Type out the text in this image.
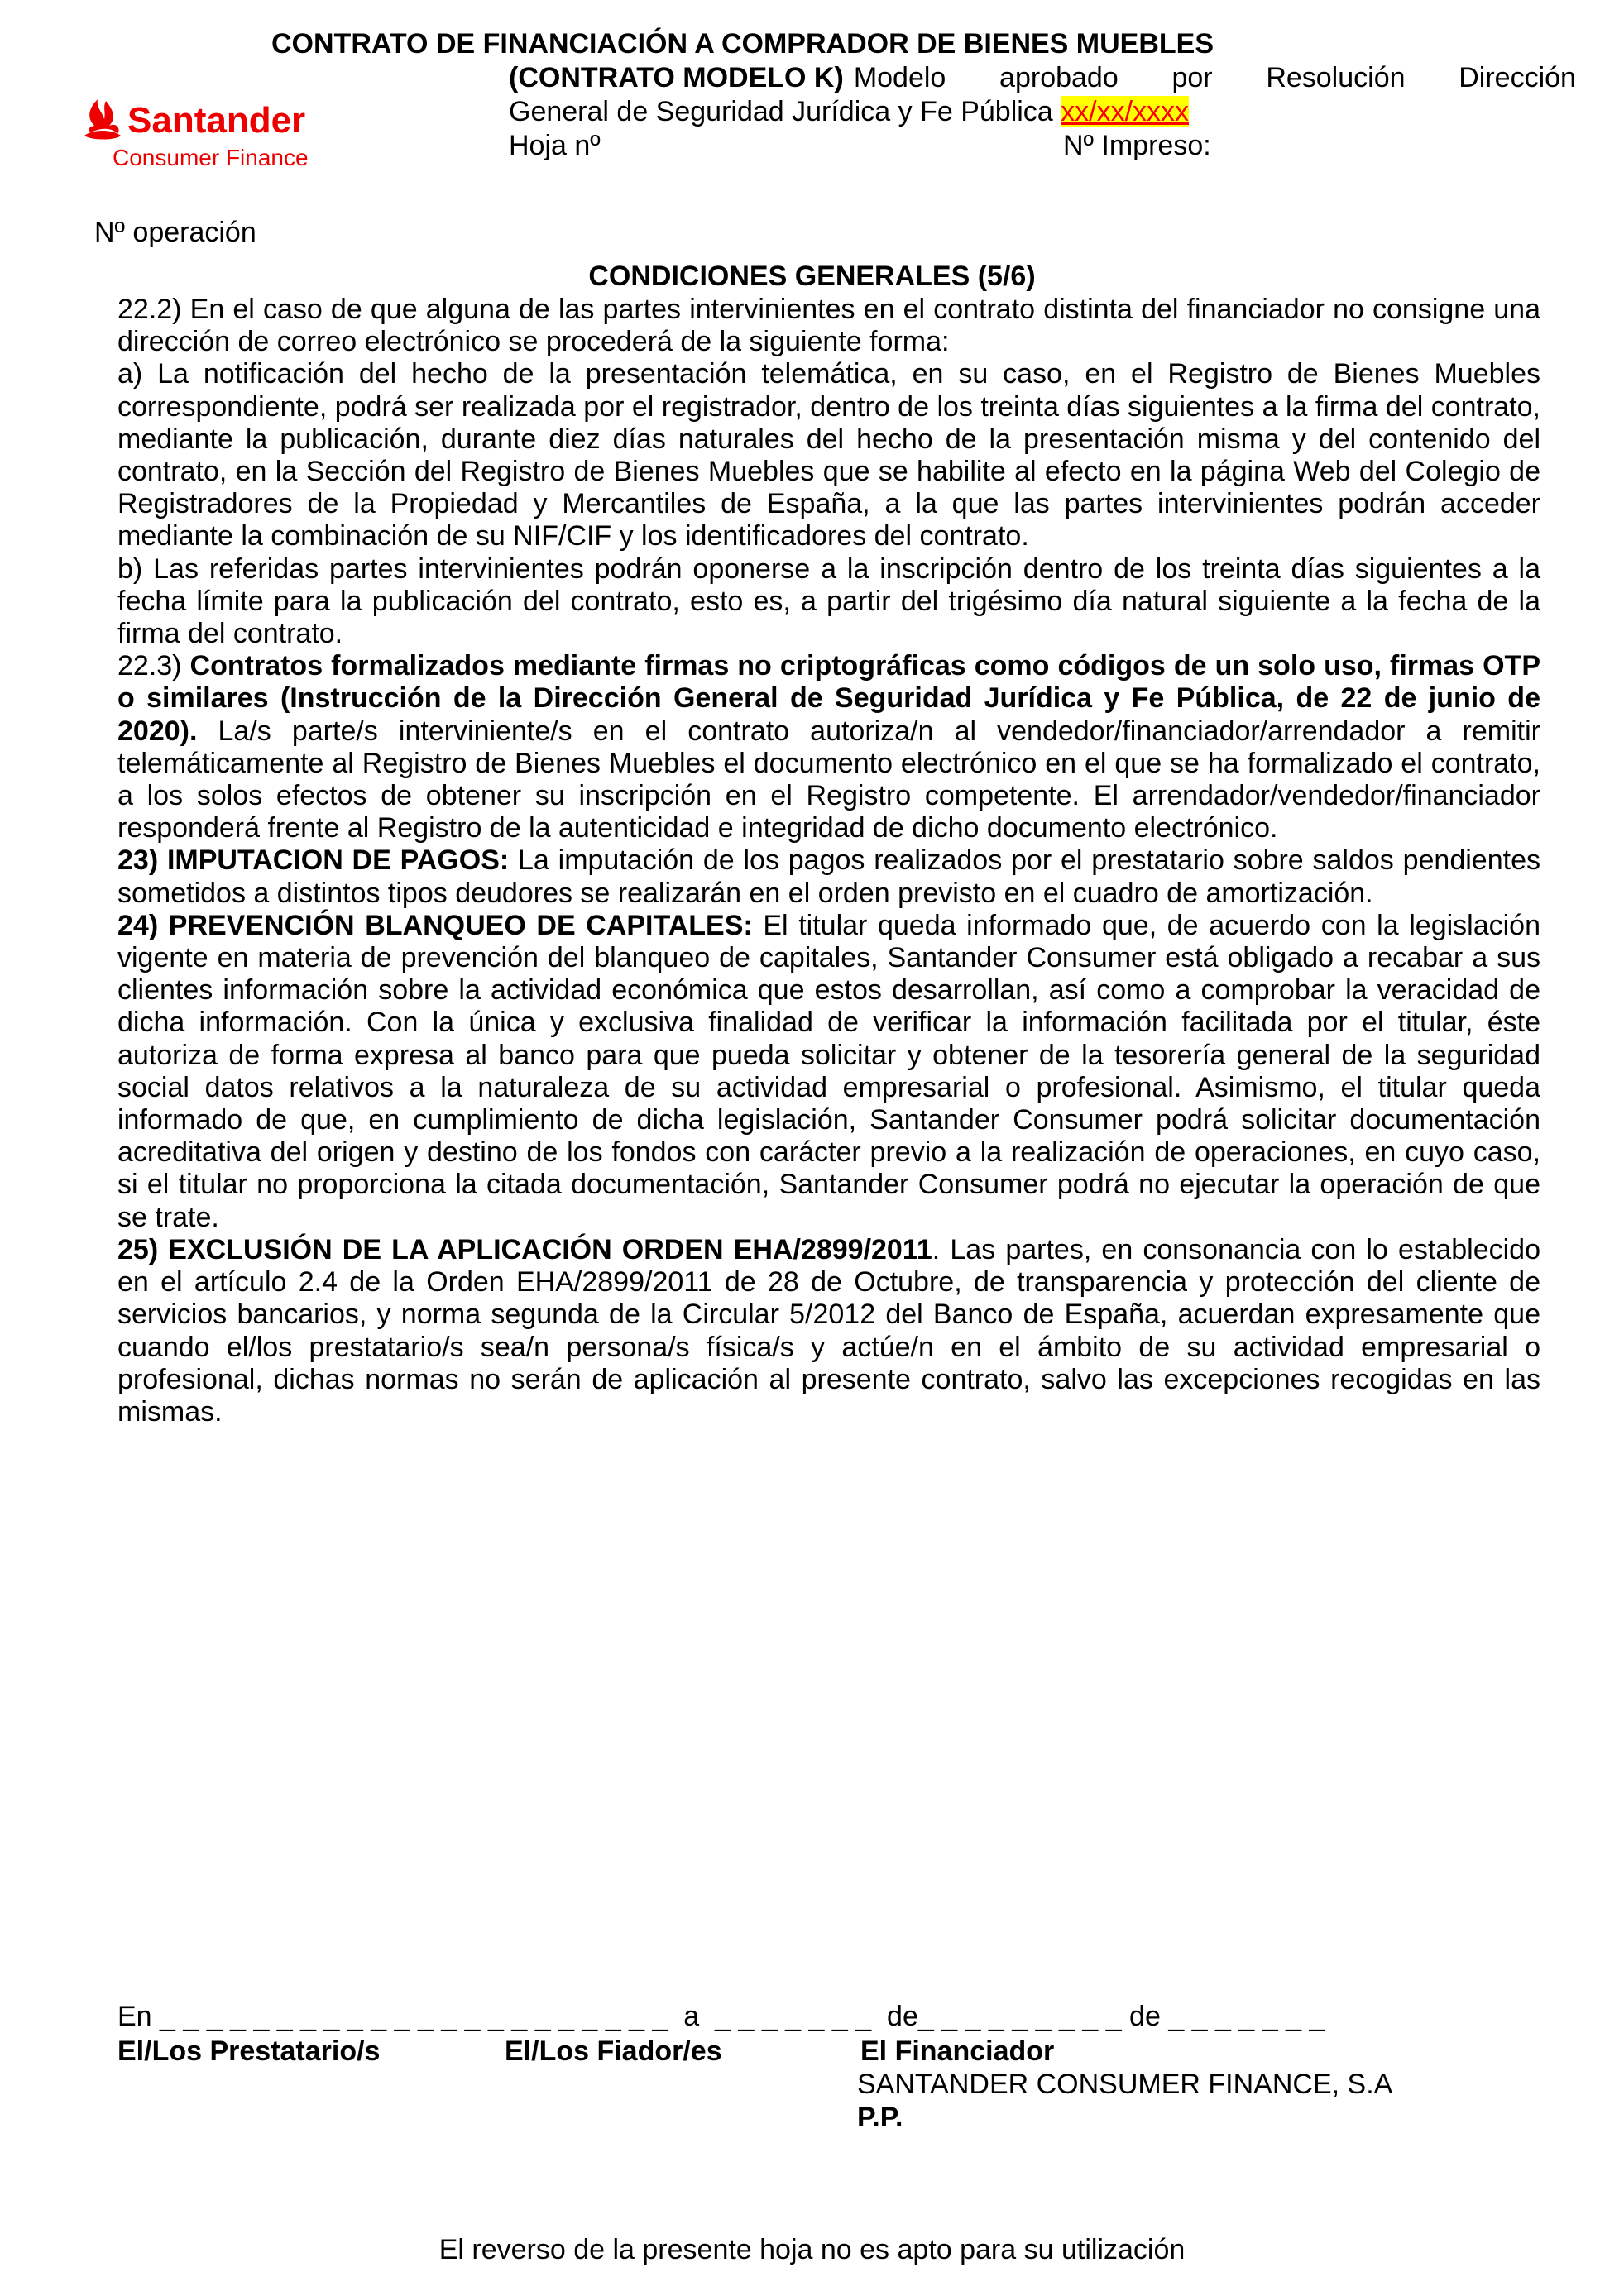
CONTRATO DE FINANCIACIÓN A COMPRADOR DE BIENES MUEBLES
Santander
Consumer Finance
(CONTRATO MODELO K) Modelo aprobado por Resolución Dirección
General de Seguridad Jurídica y Fe Pública xx/xx/xxxx
Hoja nº	Nº Impreso:
Nº operación
CONDICIONES GENERALES (5/6)

22.2) En el caso de que alguna de las partes intervinientes en el contrato distinta del financiador no consigne una dirección de correo electrónico se procederá de la siguiente forma:

a) La notificación del hecho de la presentación telemática, en su caso, en el Registro de Bienes Muebles correspondiente, podrá ser realizada por el registrador, dentro de los treinta días siguientes a la firma del contrato, mediante la publicación, durante diez días naturales del hecho de la presentación misma y del contenido del contrato, en la Sección del Registro de Bienes Muebles que se habilite al efecto en la página Web del Colegio de Registradores de la Propiedad y Mercantiles de España, a la que las partes intervinientes podrán acceder mediante la combinación de su NIF/CIF y los identificadores del contrato.

b) Las referidas partes intervinientes podrán oponerse a la inscripción dentro de los treinta días siguientes a la fecha límite para la publicación del contrato, esto es, a partir del trigésimo día natural siguiente a la fecha de la firma del contrato.

22.3) Contratos formalizados mediante firmas no criptográficas como códigos de un solo uso, firmas OTP o similares (Instrucción de la Dirección General de Seguridad Jurídica y Fe Pública, de 22 de junio de 2020). La/s parte/s interviniente/s en el contrato autoriza/n al vendedor/financiador/arrendador a remitir telemáticamente al Registro de Bienes Muebles el documento electrónico en el que se ha formalizado el contrato, a los solos efectos de obtener su inscripción en el Registro competente. El arrendador/vendedor/financiador responderá frente al Registro de la autenticidad e integridad de dicho documento electrónico.

23) IMPUTACION DE PAGOS: La imputación de los pagos realizados por el prestatario sobre saldos pendientes sometidos a distintos tipos deudores se realizarán en el orden previsto en el cuadro de amortización.

24) PREVENCIÓN BLANQUEO DE CAPITALES: El titular queda informado que, de acuerdo con la legislación vigente en materia de prevención del blanqueo de capitales, Santander Consumer está obligado a recabar a sus clientes información sobre la actividad económica que estos desarrollan, así como a comprobar la veracidad de dicha información. Con la única y exclusiva finalidad de verificar la información facilitada por el titular, éste autoriza de forma expresa al banco para que pueda solicitar y obtener de la tesorería general de la seguridad social datos relativos a la naturaleza de su actividad empresarial o profesional. Asimismo, el titular queda informado de que, en cumplimiento de dicha legislación, Santander Consumer podrá solicitar documentación acreditativa del origen y destino de los fondos con carácter previo a la realización de operaciones, en cuyo caso, si el titular no proporciona la citada documentación, Santander Consumer podrá no ejecutar la operación de que se trate.

25) EXCLUSIÓN DE LA APLICACIÓN ORDEN EHA/2899/2011. Las partes, en consonancia con lo establecido en el artículo 2.4 de la Orden EHA/2899/2011 de 28 de Octubre, de transparencia y protección del cliente de servicios bancarios, y norma segunda de la Circular 5/2012 del Banco de España, acuerdan expresamente que cuando el/los prestatario/s sea/n persona/s física/s y actúe/n en el ámbito de su actividad empresarial o profesional, dichas normas no serán de aplicación al presente contrato, salvo las excepciones recogidas en las mismas.

En _ _ _ _ _ _ _ _ _ _ _ _ _ _ _ _ _ _ _ _ _ _  a  _ _ _ _ _ _ _  de_ _ _ _ _ _ _ _ _ de _ _ _ _ _ _ _
El/Los Prestatario/s	El/Los Fiador/es	El Financiador
SANTANDER CONSUMER FINANCE, S.A
P.P.
El reverso de la presente hoja no es apto para su utilización
